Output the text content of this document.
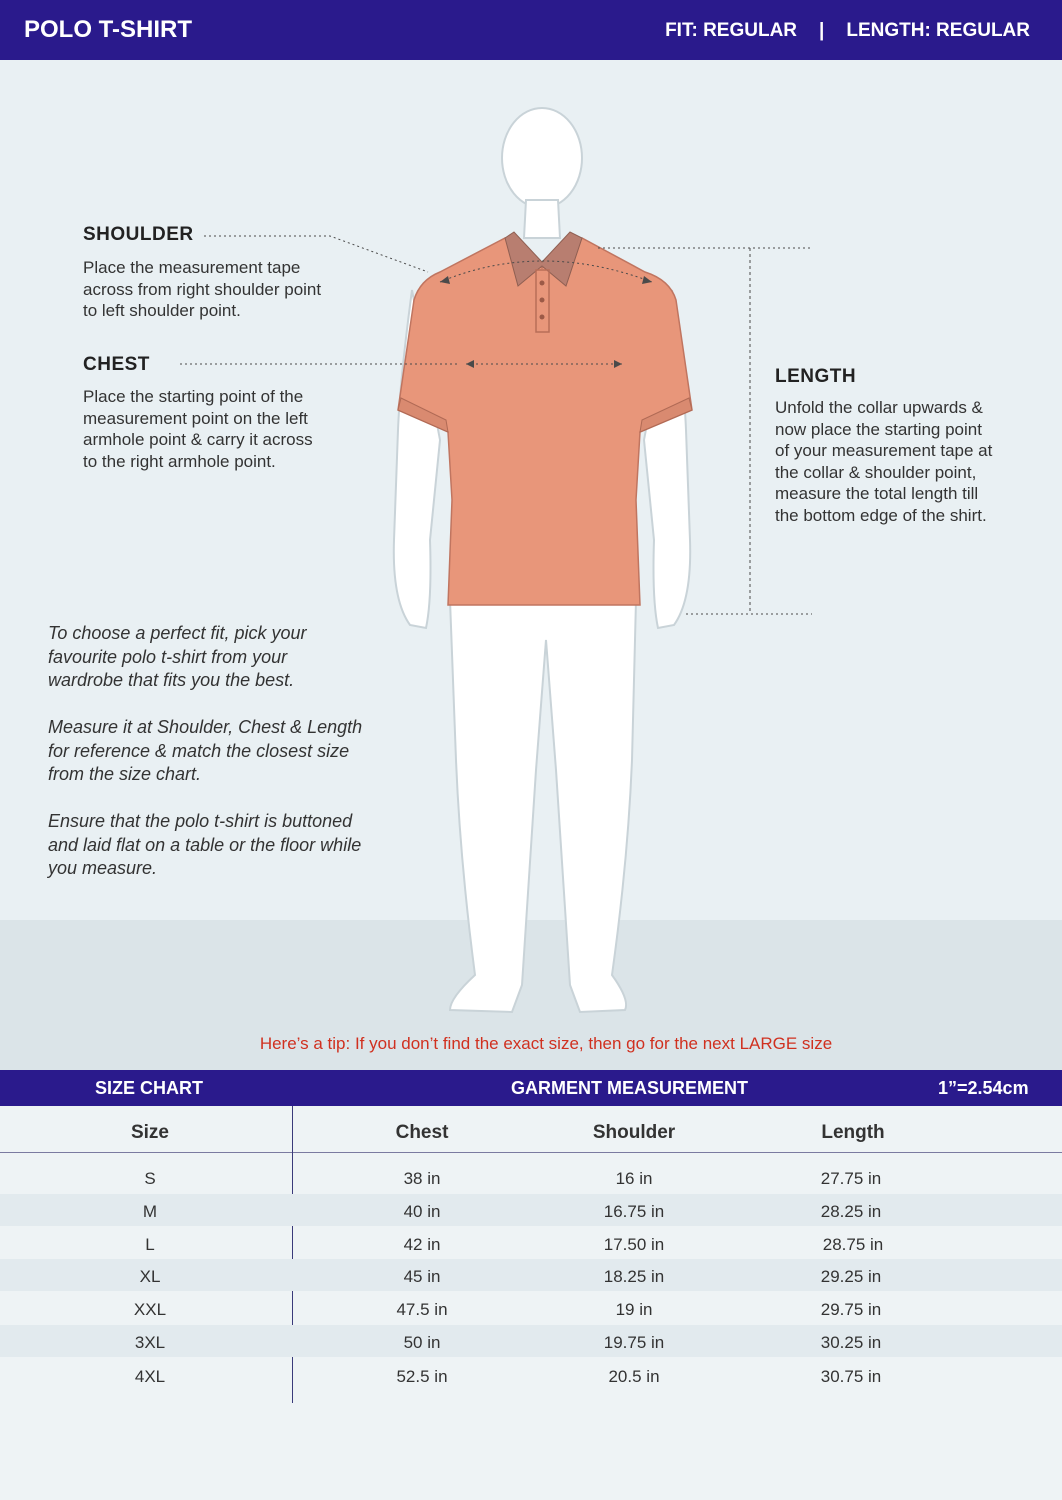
POLO T-SHIRT	FIT: REGULAR | LENGTH: REGULAR
SHOULDER
Place the measurement tape
across from right shoulder point
to left shoulder point.
CHEST
Place the starting point of the
measurement point on the left
armhole point & carry it across
to the right armhole point.
LENGTH
Unfold the collar upwards &
now place the starting point
of your measurement tape at
the collar & shoulder point,
measure the total length till
the bottom edge of the shirt.
To choose a perfect fit, pick your
favourite polo t-shirt from your
wardrobe that fits you the best.
Measure it at Shoulder, Chest & Length
for reference & match the closest size
from the size chart.
Ensure that the polo t-shirt is buttoned
and laid flat on a table or the floor while
you measure.
Here’s a tip: If you don’t find the exact size, then go for the next LARGE size
SIZE CHART	GARMENT MEASUREMENT	1”=2.54cm
Size	Chest	Shoulder	Length
S	38 in	16 in	27.75 in
M	40 in	16.75 in	28.25 in
L	42 in	17.50 in	28.75 in
XL	45 in	18.25 in	29.25 in
XXL	47.5 in	19 in	29.75 in
3XL	50 in	19.75 in	30.25 in
4XL	52.5 in	20.5 in	30.75 in
